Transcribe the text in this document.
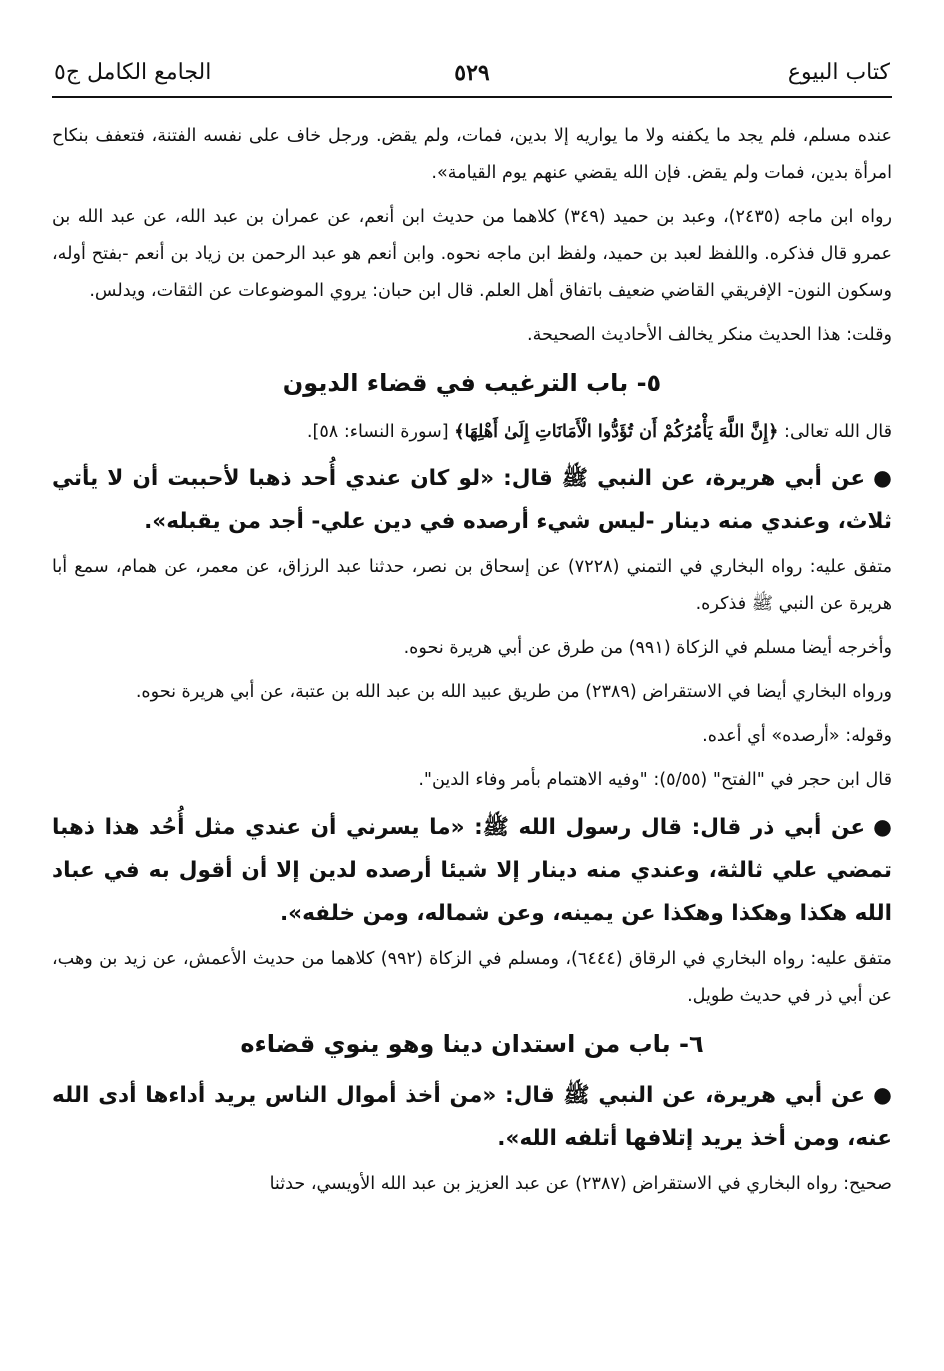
كتاب البيوع
٥٢٩
الجامع الكامل ج٥

عنده مسلم، فلم يجد ما يكفنه ولا ما يواريه إلا بدين، فمات، ولم يقض. ورجل خاف على نفسه الفتنة، فتعفف بنكاح امرأة بدين، فمات ولم يقض. فإن الله يقضي عنهم يوم القيامة».

رواه ابن ماجه (٢٤٣٥)، وعبد بن حميد (٣٤٩) كلاهما من حديث ابن أنعم، عن عمران بن عبد الله، عن عبد الله بن عمرو قال فذكره. واللفظ لعبد بن حميد، ولفظ ابن ماجه نحوه. وابن أنعم هو عبد الرحمن بن زياد بن أنعم -بفتح أوله، وسكون النون- الإفريقي القاضي ضعيف باتفاق أهل العلم. قال ابن حبان: يروي الموضوعات عن الثقات، ويدلس.

وقلت: هذا الحديث منكر يخالف الأحاديث الصحيحة.

٥- باب الترغيب في قضاء الديون

قال الله تعالى: ﴿إِنَّ اللَّهَ يَأْمُرُكُمْ أَن تُؤَدُّوا الْأَمَانَاتِ إِلَىٰ أَهْلِهَا﴾ [سورة النساء: ٥٨].

●عن أبي هريرة، عن النبي ﷺ قال: «لو كان عندي أُحد ذهبا لأحببت أن لا يأتي ثلاث، وعندي منه دينار -ليس شيء أرصده في دين علي- أجد من يقبله».

متفق عليه: رواه البخاري في التمني (٧٢٢٨) عن إسحاق بن نصر، حدثنا عبد الرزاق، عن معمر، عن همام، سمع أبا هريرة عن النبي ﷺ فذكره.

وأخرجه أيضا مسلم في الزكاة (٩٩١) من طرق عن أبي هريرة نحوه.

ورواه البخاري أيضا في الاستقراض (٢٣٨٩) من طريق عبيد الله بن عبد الله بن عتبة، عن أبي هريرة نحوه.

وقوله: «أرصده» أي أعده.

قال ابن حجر في "الفتح" (٥/٥٥): "وفيه الاهتمام بأمر وفاء الدين".

●عن أبي ذر قال: قال رسول الله ﷺ: «ما يسرني أن عندي مثل أُحُد هذا ذهبا تمضي علي ثالثة، وعندي منه دينار إلا شيئا أرصده لدين إلا أن أقول به في عباد الله هكذا وهكذا وهكذا عن يمينه، وعن شماله، ومن خلفه».

متفق عليه: رواه البخاري في الرقاق (٦٤٤٤)، ومسلم في الزكاة (٩٩٢) كلاهما من حديث الأعمش، عن زيد بن وهب، عن أبي ذر في حديث طويل.

٦- باب من استدان دينا وهو ينوي قضاءه

●عن أبي هريرة، عن النبي ﷺ قال: «من أخذ أموال الناس يريد أداءها أدى الله عنه، ومن أخذ يريد إتلافها أتلفه الله».

صحيح: رواه البخاري في الاستقراض (٢٣٨٧) عن عبد العزيز بن عبد الله الأويسي، حدثنا
